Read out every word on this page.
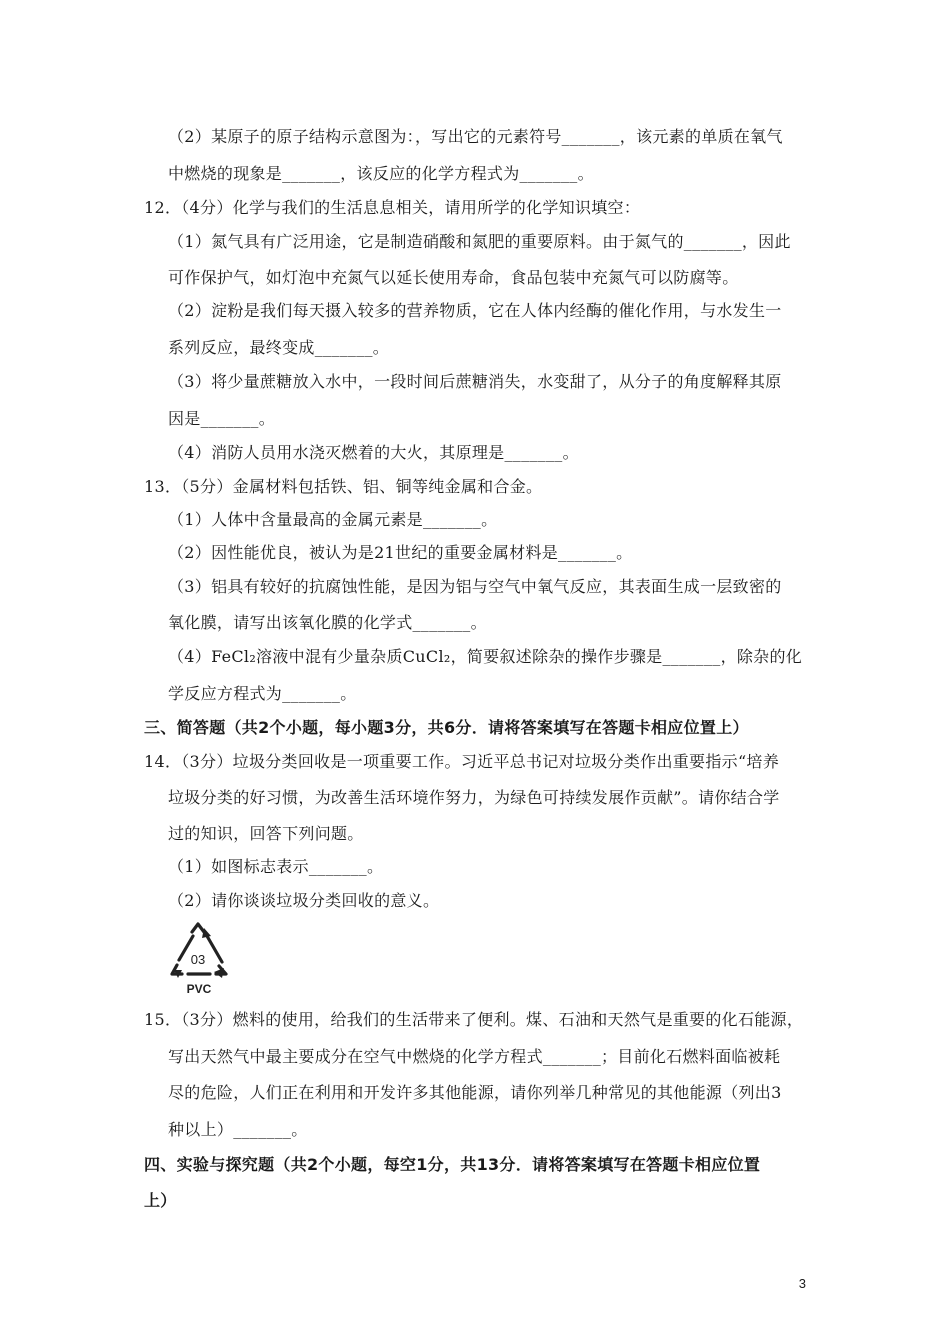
（2）某原子的原子结构示意图为：，写出它的元素符号_______，该元素的单质在氧气
中燃烧的现象是_______，该反应的化学方程式为_______。
12．（4分）化学与我们的生活息息相关，请用所学的化学知识填空：
（1）氮气具有广泛用途，它是制造硝酸和氮肥的重要原料。由于氮气的_______，因此
可作保护气，如灯泡中充氮气以延长使用寿命，食品包装中充氮气可以防腐等。
（2）淀粉是我们每天摄入较多的营养物质，它在人体内经酶的催化作用，与水发生一
系列反应，最终变成_______。
（3）将少量蔗糖放入水中，一段时间后蔗糖消失，水变甜了，从分子的角度解释其原
因是_______。
（4）消防人员用水浇灭燃着的大火，其原理是_______。
13．（5分）金属材料包括铁、铝、铜等纯金属和合金。
（1）人体中含量最高的金属元素是_______。
（2）因性能优良，被认为是21世纪的重要金属材料是_______。
（3）铝具有较好的抗腐蚀性能，是因为铝与空气中氧气反应，其表面生成一层致密的
氧化膜，请写出该氧化膜的化学式_______。
（4）FeCl₂溶液中混有少量杂质CuCl₂，简要叙述除杂的操作步骤是_______，除杂的化
学反应方程式为_______。
三、简答题（共2个小题，每小题3分，共6分．请将答案填写在答题卡相应位置上）
14．（3分）垃圾分类回收是一项重要工作。习近平总书记对垃圾分类作出重要指示“培养
垃圾分类的好习惯，为改善生活环境作努力，为绿色可持续发展作贡献”。请你结合学
过的知识，回答下列问题。
（1）如图标志表示_______。
（2）请你谈谈垃圾分类回收的意义。
03
PVC
15．（3分）燃料的使用，给我们的生活带来了便利。煤、石油和天然气是重要的化石能源，
写出天然气中最主要成分在空气中燃烧的化学方程式_______；目前化石燃料面临被耗
尽的危险，人们正在利用和开发许多其他能源，请你列举几种常见的其他能源（列出3
种以上）_______。
四、实验与探究题（共2个小题，每空1分，共13分．请将答案填写在答题卡相应位置
上）
3
